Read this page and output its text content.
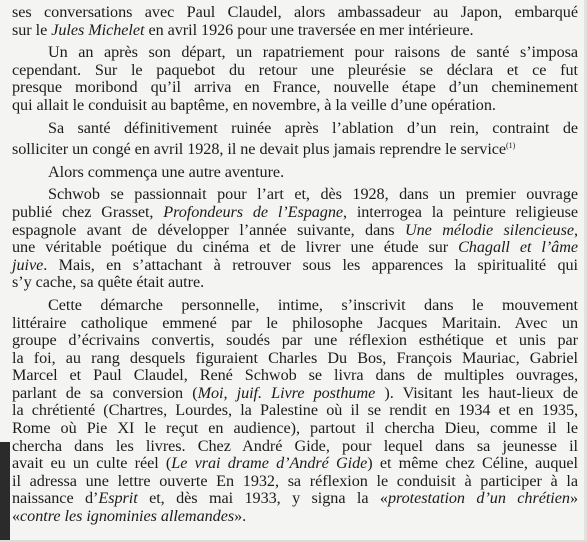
ses conversations avec Paul Claudel, alors ambassadeur au Japon, embarqué
sur le Jules Michelet en avril 1926 pour une traversée en mer intérieure.

Un an après son départ, un rapatriement pour raisons de santé s’imposa
cependant. Sur le paquebot du retour une pleurésie se déclara et ce fut
presque moribond qu’il arriva en France, nouvelle étape d’un cheminement
qui allait le conduisit au baptême, en novembre, à la veille d’une opération.

Sa santé définitivement ruinée après l’ablation d’un rein, contraint de
solliciter un congé en avril 1928, il ne devait plus jamais reprendre le service$^{(1)}$

Alors commença une autre aventure.

Schwob se passionnait pour l’art et, dès 1928, dans un premier ouvrage
publié chez Grasset, Profondeurs de l’Espagne, interrogea la peinture religieuse
espagnole avant de développer l’année suivante, dans Une mélodie silencieuse,
une véritable poétique du cinéma et de livrer une étude sur Chagall et l’âme
juive. Mais, en s’attachant à retrouver sous les apparences la spiritualité qui
s’y cache, sa quête était autre.

Cette démarche personnelle, intime, s’inscrivit dans le mouvement
littéraire catholique emmené par le philosophe Jacques Maritain. Avec un
groupe d’écrivains convertis, soudés par une réflexion esthétique et unis par
la foi, au rang desquels figuraient Charles Du Bos, François Mauriac, Gabriel
Marcel et Paul Claudel, René Schwob se livra dans de multiples ouvrages,
parlant de sa conversion (Moi, juif. Livre posthume ). Visitant les haut-lieux de
la chrétienté (Chartres, Lourdes, la Palestine où il se rendit en 1934 et en 1935,
Rome où Pie XI le reçut en audience), partout il chercha Dieu, comme il le
chercha dans les livres. Chez André Gide, pour lequel dans sa jeunesse il
avait eu un culte réel (Le vrai drame d’André Gide) et même chez Céline, auquel
il adressa une lettre ouverte En 1932, sa réflexion le conduisit à participer à la
naissance d’Esprit et, dès mai 1933, y signa la «protestation d’un chrétien»
«contre les ignominies allemandes».
